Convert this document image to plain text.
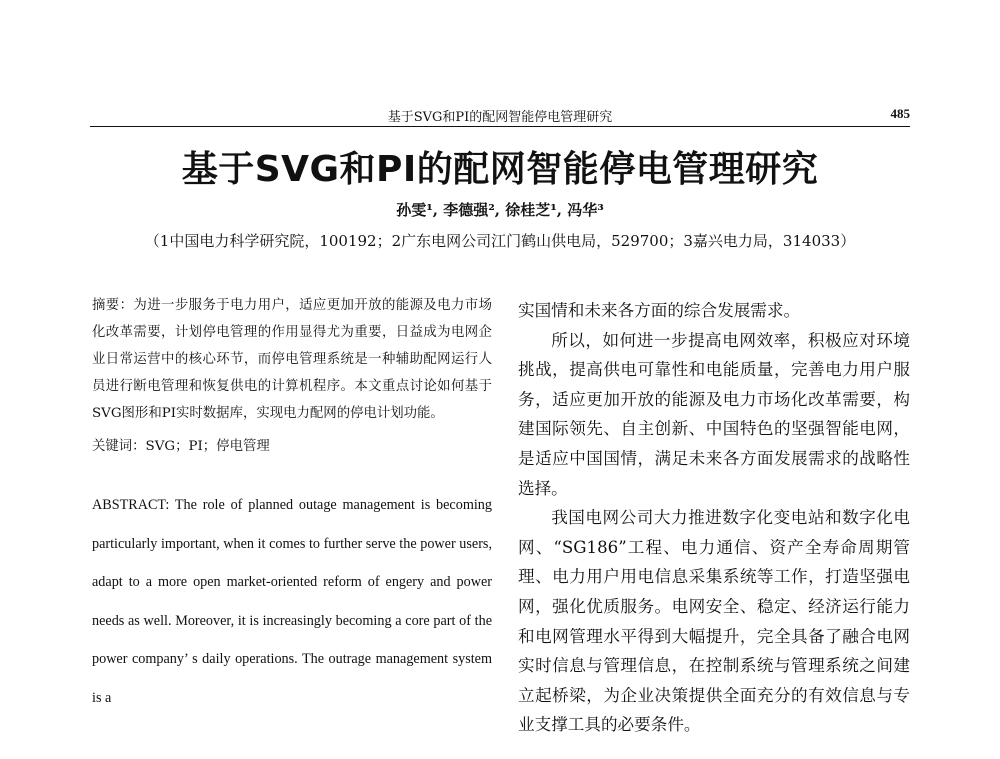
基于SVG和PI的配网智能停电管理研究	485
基于SVG和PI的配网智能停电管理研究
孙雯¹, 李德强², 徐桂芝¹, 冯华³
（1中国电力科学研究院，100192；2广东电网公司江门鹤山供电局，529700；3嘉兴电力局，314033）
摘要：为进一步服务于电力用户，适应更加开放的能源及电力市场化改革需要，计划停电管理的作用显得尤为重要，日益成为电网企业日常运营中的核心环节，而停电管理系统是一种辅助配网运行人员进行断电管理和恢复供电的计算机程序。本文重点讨论如何基于SVG图形和PI实时数据库，实现电力配网的停电计划功能。
关键词：SVG；PI；停电管理
ABSTRACT: The role of planned outage management is becoming particularly important, when it comes to further serve the power users, adapt to a more open market-oriented reform of engery and power needs as well. Moreover, it is increasingly becoming a core part of the power company’ s daily operations. The outrage management system is a

实国情和未来各方面的综合发展需求。

所以，如何进一步提高电网效率，积极应对环境挑战，提高供电可靠性和电能质量，完善电力用户服务，适应更加开放的能源及电力市场化改革需要，构建国际领先、自主创新、中国特色的坚强智能电网，是适应中国国情，满足未来各方面发展需求的战略性选择。

我国电网公司大力推进数字化变电站和数字化电网、“SG186”工程、电力通信、资产全寿命周期管理、电力用户用电信息采集系统等工作，打造坚强电网，强化优质服务。电网安全、稳定、经济运行能力和电网管理水平得到大幅提升，完全具备了融合电网实时信息与管理信息，在控制系统与管理系统之间建立起桥梁，为企业决策提供全面充分的有效信息与专业支撑工具的必要条件。
